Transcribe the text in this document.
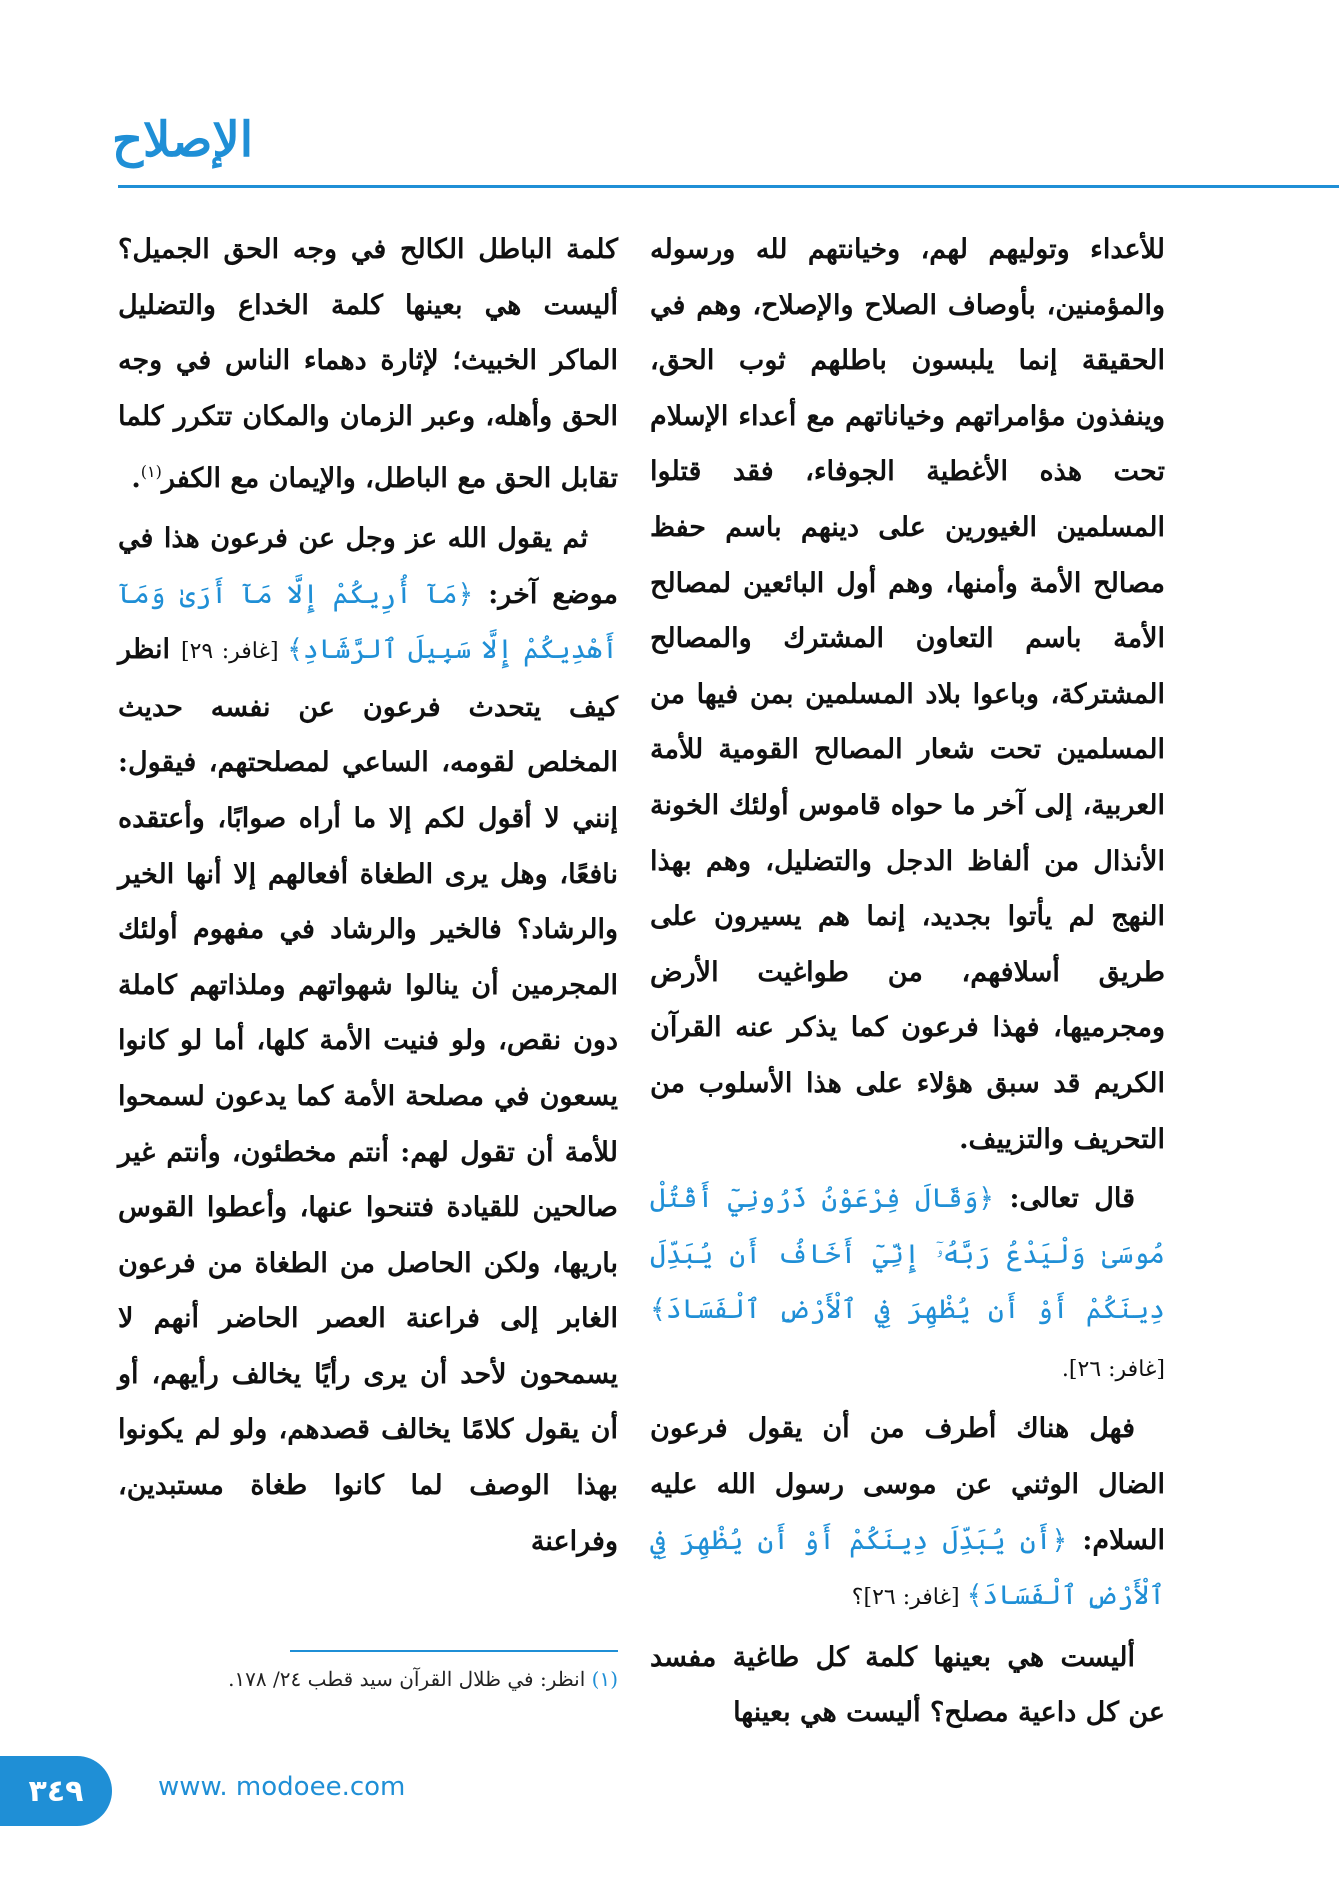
الإصلاح

للأعداء وتوليهم لهم، وخيانتهم لله ورسوله والمؤمنين، بأوصاف الصلاح والإصلاح، وهم في الحقيقة إنما يلبسون باطلهم ثوب الحق، وينفذون مؤامراتهم وخياناتهم مع أعداء الإسلام تحت هذه الأغطية الجوفاء، فقد قتلوا المسلمين الغيورين على دينهم باسم حفظ مصالح الأمة وأمنها، وهم أول البائعين لمصالح الأمة باسم التعاون المشترك والمصالح المشتركة، وباعوا بلاد المسلمين بمن فيها من المسلمين تحت شعار المصالح القومية للأمة العربية، إلى آخر ما حواه قاموس أولئك الخونة الأنذال من ألفاظ الدجل والتضليل، وهم بهذا النهج لم يأتوا بجديد، إنما هم يسيرون على طريق أسلافهم، من طواغيت الأرض ومجرميها، فهذا فرعون كما يذكر عنه القرآن الكريم قد سبق هؤلاء على هذا الأسلوب من التحريف والتزييف.

قال تعالى: ﴿وَقَالَ فِرْعَوْنُ ذَرُونِيٓ أَقْتُلْ مُوسَىٰ وَلْيَدْعُ رَبَّهُۥٓ إِنِّيٓ أَخَافُ أَن يُبَدِّلَ دِينَكُمْ أَوْ أَن يُظْهِرَ فِي ٱلْأَرْضِ ٱلْفَسَادَ﴾ [غافر: ٢٦].

فهل هناك أطرف من أن يقول فرعون الضال الوثني عن موسى رسول الله عليه السلام: ﴿أَن يُبَدِّلَ دِينَكُمْ أَوْ أَن يُظْهِرَ فِي ٱلْأَرْضِ ٱلْفَسَادَ﴾ [غافر: ٢٦]؟

أليست هي بعينها كلمة كل طاغية مفسد عن كل داعية مصلح؟ أليست هي بعينها

كلمة الباطل الكالح في وجه الحق الجميل؟ أليست هي بعينها كلمة الخداع والتضليل الماكر الخبيث؛ لإثارة دهماء الناس في وجه الحق وأهله، وعبر الزمان والمكان تتكرر كلما تقابل الحق مع الباطل، والإيمان مع الكفر$^{(١)}$.

ثم يقول الله عز وجل عن فرعون هذا في موضع آخر: ﴿مَآ أُرِيكُمْ إِلَّا مَآ أَرَىٰ وَمَآ أَهْدِيكُمْ إِلَّا سَبِيلَ ٱلرَّشَادِ﴾ [غافر: ٢٩] انظر كيف يتحدث فرعون عن نفسه حديث المخلص لقومه، الساعي لمصلحتهم، فيقول: إنني لا أقول لكم إلا ما أراه صوابًا، وأعتقده نافعًا، وهل يرى الطغاة أفعالهم إلا أنها الخير والرشاد؟ فالخير والرشاد في مفهوم أولئك المجرمين أن ينالوا شهواتهم وملذاتهم كاملة دون نقص، ولو فنيت الأمة كلها، أما لو كانوا يسعون في مصلحة الأمة كما يدعون لسمحوا للأمة أن تقول لهم: أنتم مخطئون، وأنتم غير صالحين للقيادة فتنحوا عنها، وأعطوا القوس باريها، ولكن الحاصل من الطغاة من فرعون الغابر إلى فراعنة العصر الحاضر أنهم لا يسمحون لأحد أن يرى رأيًا يخالف رأيهم، أو أن يقول كلامًا يخالف قصدهم، ولو لم يكونوا بهذا الوصف لما كانوا طغاة مستبدين، وفراعنة

(١) انظر: في ظلال القرآن سيد قطب ٢٤/ ١٧٨.
٣٤٩	www. modoee.com
